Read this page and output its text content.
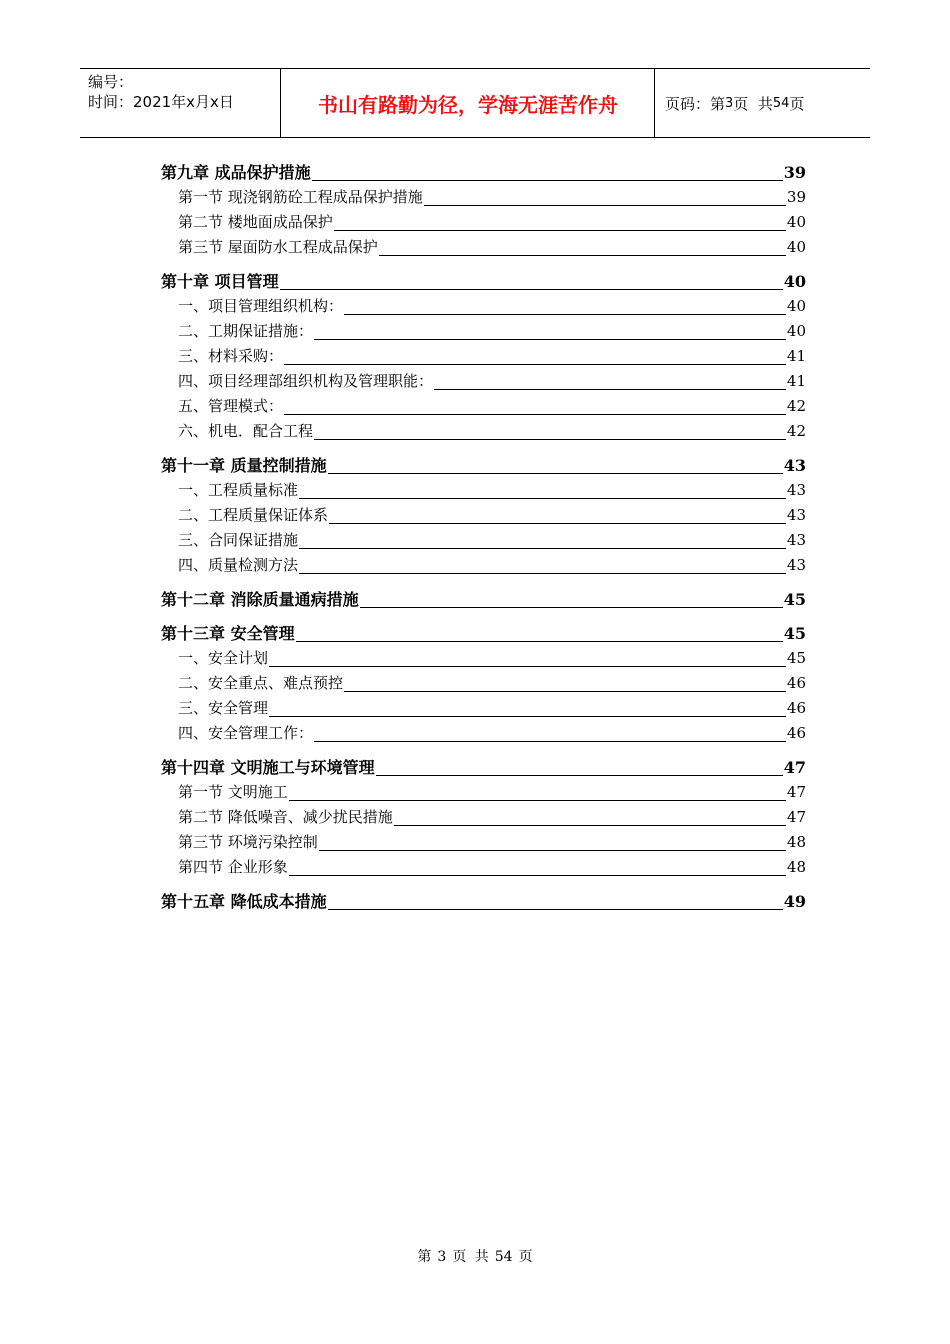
编号：
时间：2021年x月x日	书山有路勤为径，学海无涯苦作舟	页码：第 3 页  共 54 页
第九章 成品保护措施	39
第一节 现浇钢筋砼工程成品保护措施	39
第二节 楼地面成品保护	40
第三节 屋面防水工程成品保护	40
第十章 项目管理	40
一、项目管理组织机构：	40
二、工期保证措施：	40
三、材料采购：	41
四、项目经理部组织机构及管理职能：	41
五、管理模式：	42
六、机电．配合工程	42
第十一章 质量控制措施	43
一、工程质量标准	43
二、工程质量保证体系	43
三、合同保证措施	43
四、质量检测方法	43
第十二章 消除质量通病措施	45
第十三章 安全管理	45
一、安全计划	45
二、安全重点、难点预控	46
三、安全管理	46
四、安全管理工作：	46
第十四章 文明施工与环境管理	47
第一节 文明施工	47
第二节 降低噪音、减少扰民措施	47
第三节 环境污染控制	48
第四节 企业形象	48
第十五章 降低成本措施	49
第 3 页 共 54 页
